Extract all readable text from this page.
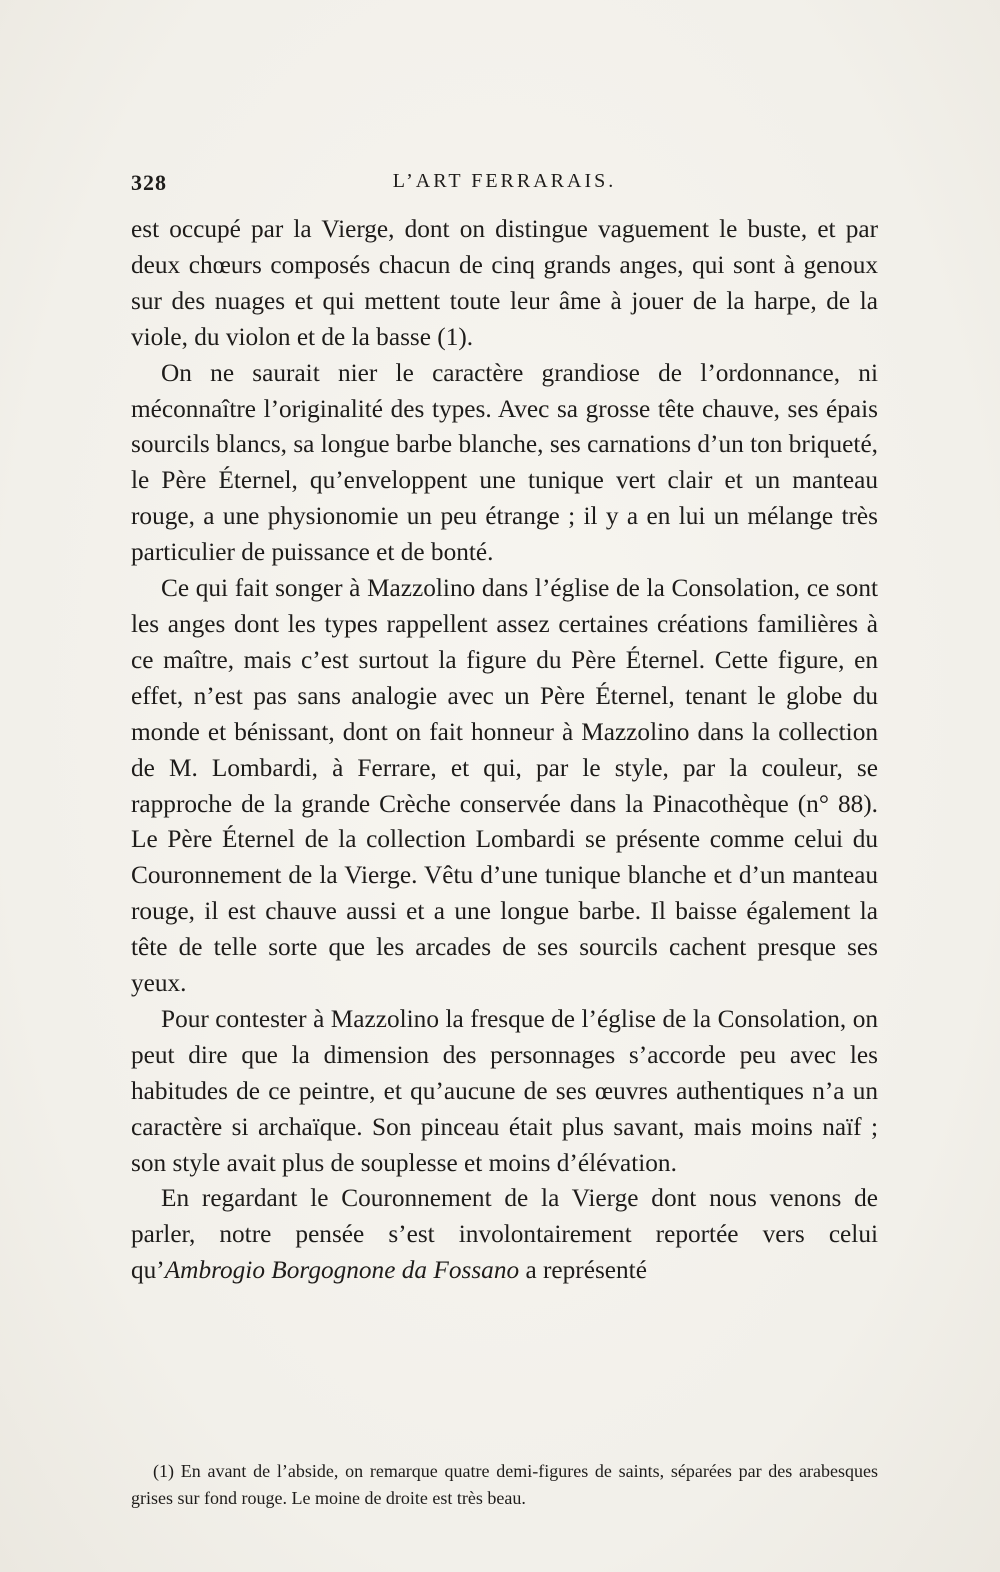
328	L’ART FERRARAIS.

est occupé par la Vierge, dont on distingue vaguement le buste, et par deux chœurs composés chacun de cinq grands anges, qui sont à genoux sur des nuages et qui mettent toute leur âme à jouer de la harpe, de la viole, du violon et de la basse (1).

On ne saurait nier le caractère grandiose de l’ordonnance, ni méconnaître l’originalité des types. Avec sa grosse tête chauve, ses épais sourcils blancs, sa longue barbe blanche, ses carnations d’un ton briqueté, le Père Éternel, qu’enveloppent une tunique vert clair et un manteau rouge, a une physionomie un peu étrange ; il y a en lui un mélange très particulier de puissance et de bonté.

Ce qui fait songer à Mazzolino dans l’église de la Consolation, ce sont les anges dont les types rappellent assez certaines créations familières à ce maître, mais c’est surtout la figure du Père Éternel. Cette figure, en effet, n’est pas sans analogie avec un Père Éternel, tenant le globe du monde et bénissant, dont on fait honneur à Mazzolino dans la collection de M. Lombardi, à Ferrare, et qui, par le style, par la couleur, se rapproche de la grande Crèche conservée dans la Pinacothèque (n° 88). Le Père Éternel de la collection Lombardi se présente comme celui du Couronnement de la Vierge. Vêtu d’une tunique blanche et d’un manteau rouge, il est chauve aussi et a une longue barbe. Il baisse également la tête de telle sorte que les arcades de ses sourcils cachent presque ses yeux.

Pour contester à Mazzolino la fresque de l’église de la Consolation, on peut dire que la dimension des personnages s’accorde peu avec les habitudes de ce peintre, et qu’aucune de ses œuvres authentiques n’a un caractère si archaïque. Son pinceau était plus savant, mais moins naïf ; son style avait plus de souplesse et moins d’élévation.

En regardant le Couronnement de la Vierge dont nous venons de parler, notre pensée s’est involontairement reportée vers celui qu’Ambrogio Borgognone da Fossano a représenté

(1) En avant de l’abside, on remarque quatre demi-figures de saints, séparées par des arabesques grises sur fond rouge. Le moine de droite est très beau.
